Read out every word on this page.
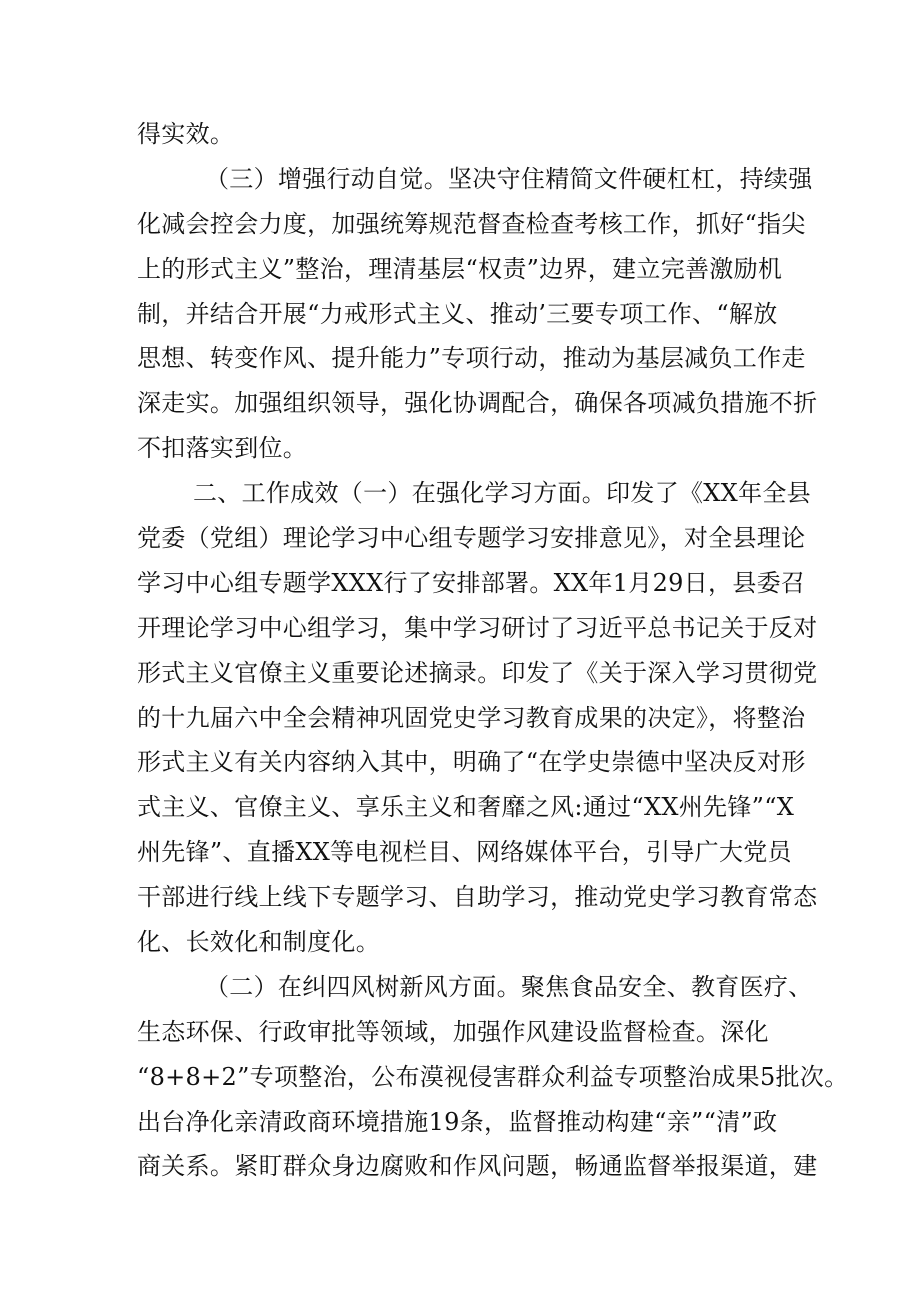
得实效。
（三）增强行动自觉。坚决守住精简文件硬杠杠，持续强
化减会控会力度，加强统筹规范督查检查考核工作，抓好“指尖
上的形式主义”整治，理清基层“权责”边界，建立完善激励机
制，并结合开展“力戒形式主义、推动’三要专项工作、“解放
思想、转变作风、提升能力”专项行动，推动为基层减负工作走
深走实。加强组织领导，强化协调配合，确保各项减负措施不折
不扣落实到位。
二、工作成效（一）在强化学习方面。印发了《XX年全县
党委（党组）理论学习中心组专题学习安排意见》，对全县理论
学习中心组专题学XXX行了安排部署。XX年1月29日，县委召
开理论学习中心组学习，集中学习研讨了习近平总书记关于反对
形式主义官僚主义重要论述摘录。印发了《关于深入学习贯彻党
的十九届六中全会精神巩固党史学习教育成果的决定》，将整治
形式主义有关内容纳入其中，明确了“在学史崇德中坚决反对形
式主义、官僚主义、享乐主义和奢靡之风:通过“XX州先锋”“X
州先锋”、直播XX等电视栏目、网络媒体平台，引导广大党员
干部进行线上线下专题学习、自助学习，推动党史学习教育常态
化、长效化和制度化。
（二）在纠四风树新风方面。聚焦食品安全、教育医疗、
生态环保、行政审批等领域，加强作风建设监督检查。深化
“8+8+2”专项整治，公布漠视侵害群众利益专项整治成果5批次。
出台净化亲清政商环境措施19条，监督推动构建“亲”“清”政
商关系。紧盯群众身边腐败和作风问题，畅通监督举报渠道，建
